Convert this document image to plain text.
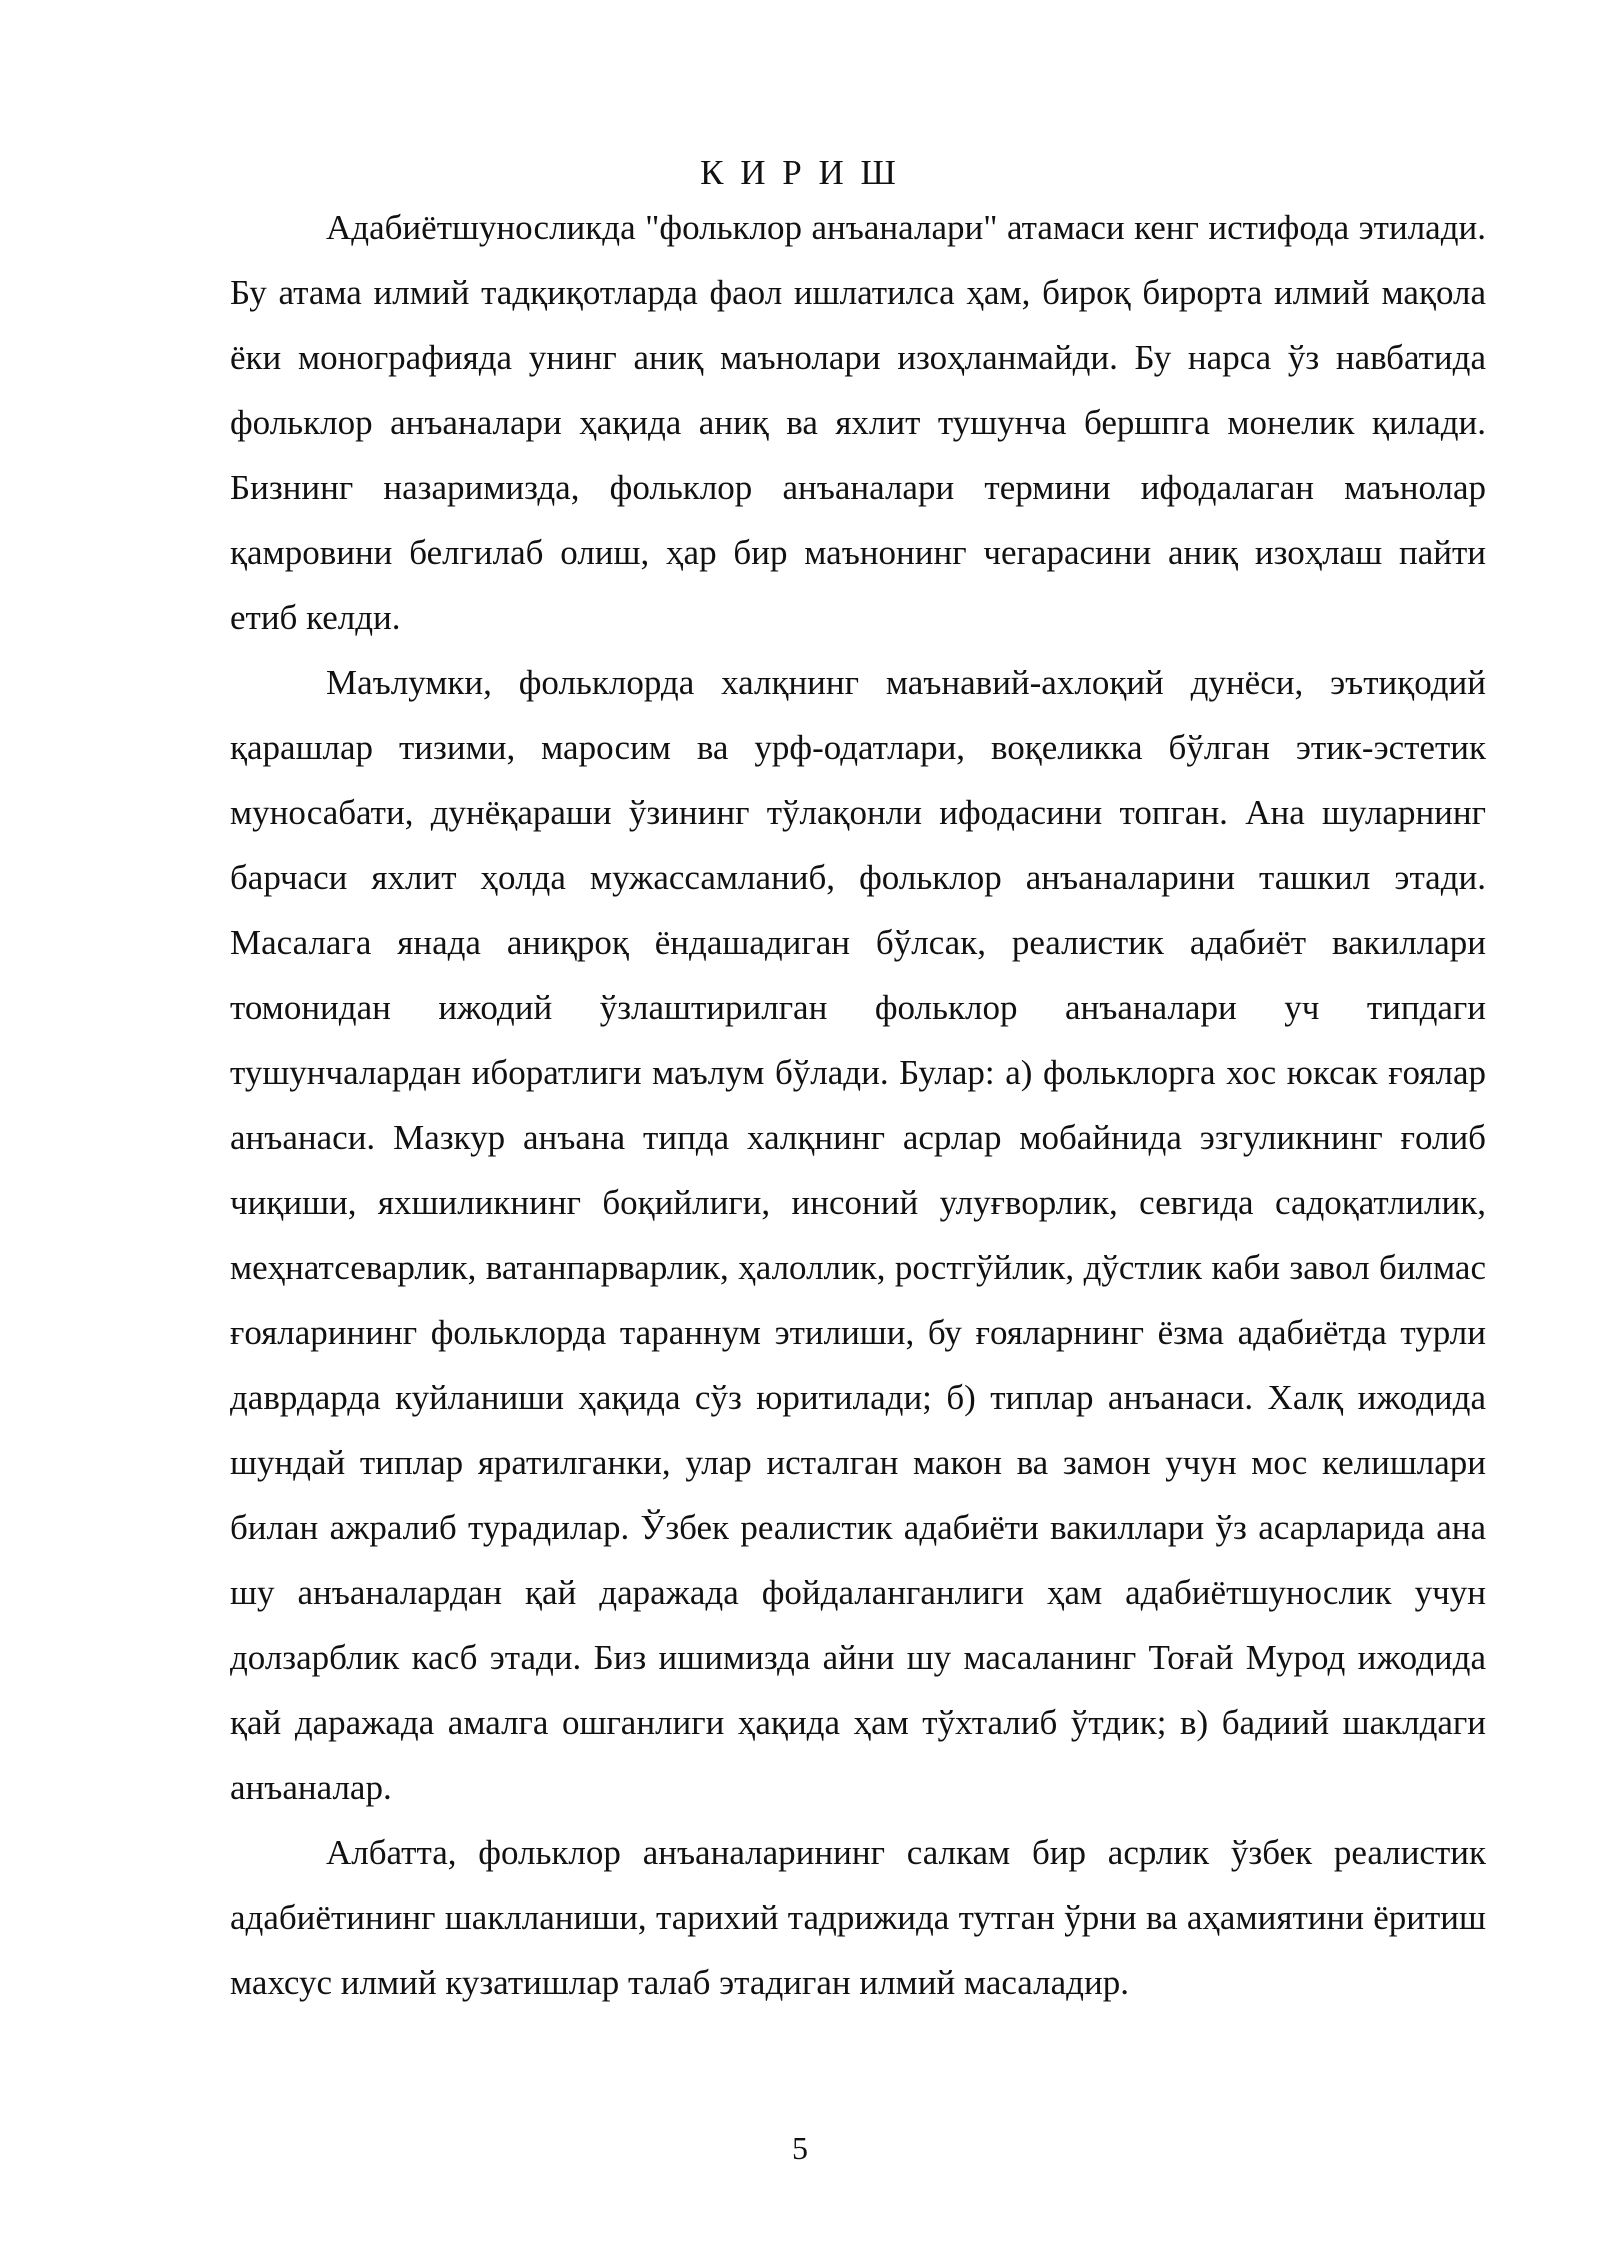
К И Р И Ш

Адабиётшуносликда "фольклор анъаналари" атамаси кенг истифода этилади. Бу атама илмий тадқиқотларда фаол ишлатилса ҳам, бироқ бирорта илмий мақола ёки монографияда унинг аниқ маънолари изоҳланмайди. Бу нарса ўз навбатида фольклор анъаналари ҳақида аниқ ва яхлит тушунча бершпга монелик қилади. Бизнинг назаримизда, фольклор анъаналари термини ифодалаган маънолар қамровини белгилаб олиш, ҳар бир маънонинг чегарасини аниқ изоҳлаш пайти етиб келди.

Маълумки, фольклорда халқнинг маънавий-ахлоқий дунёси, эътиқодий қарашлар тизими, маросим ва урф-одатлари, воқеликка бўлган этик-эстетик муносабати, дунёқараши ўзининг тўлақонли ифодасини топган. Ана шуларнинг барчаси яхлит ҳолда мужассамланиб, фольклор анъаналарини ташкил этади. Масалага янада аниқроқ ёндашадиган бўлсак, реалистик адабиёт вакиллари томонидан ижодий ўзлаштирилган фольклор анъаналари уч типдаги тушунчалардан иборатлиги маълум бўлади. Булар: а) фольклорга хос юксак ғоялар анъанаси. Мазкур анъана типда халқнинг асрлар мобайнида эзгуликнинг ғолиб чиқиши, яхшиликнинг боқийлиги, инсоний улуғворлик, севгида садоқатлилик, меҳнатсеварлик, ватанпарварлик, ҳалоллик, ростгўйлик, дўстлик каби завол билмас ғояларининг фольклорда тараннум этилиши, бу ғояларнинг ёзма адабиётда турли даврдарда куйланиши ҳақида сўз юритилади; б) типлар анъанаси. Халқ ижодида шундай типлар яратилганки, улар исталган макон ва замон учун мос келишлари билан ажралиб турадилар. Ўзбек реалистик адабиёти вакиллари ўз асарларида ана шу анъаналардан қай даражада фойдаланганлиги ҳам адабиётшунослик учун долзарблик касб этади. Биз ишимизда айни шу масаланинг Тоғай Мурод ижодида қай даражада амалга ошганлиги ҳақида ҳам тўхталиб ўтдик; в) бадиий шаклдаги анъаналар.

Албатта, фольклор анъаналарининг салкам бир асрлик ўзбек реалистик адабиётининг шаклланиши, тарихий тадрижида тутган ўрни ва аҳамиятини ёритиш махсус илмий кузатишлар талаб этадиган илмий масаладир.

5
